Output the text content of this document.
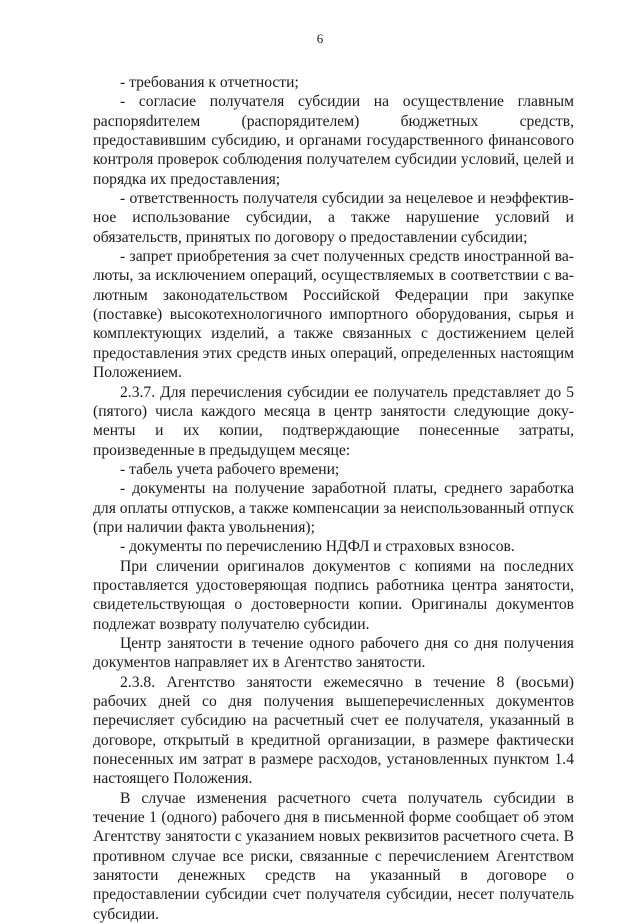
6

- требования к отчетности;

- согласие получателя субсидии на осуществление главным распоряdителем (распорядителем) бюджетных средств, предоставившим субсидию, и органами государственного финансового контроля проверок соблюдения получателем субсидии условий, целей и порядка их предоставления;

- ответственность получателя субсидии за нецелевое и неэффективное использование субсидии, а также нарушение условий и обязательств, принятых по договору о предоставлении субсидии;

- запрет приобретения за счет полученных средств иностранной валюты, за исключением операций, осуществляемых в соответствии с валютным законодательством Российской Федерации при закупке (поставке) высокотехнологичного импортного оборудования, сырья и комплектующих изделий, а также связанных с достижением целей предоставления этих средств иных операций, определенных настоящим Положением.

2.3.7. Для перечисления субсидии ее получатель представляет до 5 (пятого) числа каждого месяца в центр занятости следующие документы и их копии, подтверждающие понесенные затраты, произведенные в предыдущем месяце:

- табель учета рабочего времени;

- документы на получение заработной платы, среднего заработка для оплаты отпусков, а также компенсации за неиспользованный отпуск (при наличии факта увольнения);

- документы по перечислению НДФЛ и страховых взносов.

При сличении оригиналов документов с копиями на последних проставляется удостоверяющая подпись работника центра занятости, свидетельствующая о достоверности копии. Оригиналы документов подлежат возврату получателю субсидии.

Центр занятости в течение одного рабочего дня со дня получения документов направляет их в Агентство занятости.

2.3.8. Агентство занятости ежемесячно в течение 8 (восьми) рабочих дней со дня получения вышеперечисленных документов перечисляет субсидию на расчетный счет ее получателя, указанный в договоре, открытый в кредитной организации, в размере фактически понесенных им затрат в размере расходов, установленных пунктом 1.4 настоящего Положения.

В случае изменения расчетного счета получатель субсидии в течение 1 (одного) рабочего дня в письменной форме сообщает об этом Агентству занятости с указанием новых реквизитов расчетного счета. В противном случае все риски, связанные с перечислением Агентством занятости денежных средств на указанный в договоре о предоставлении субсидии счет получателя субсидии, несет получатель субсидии.
